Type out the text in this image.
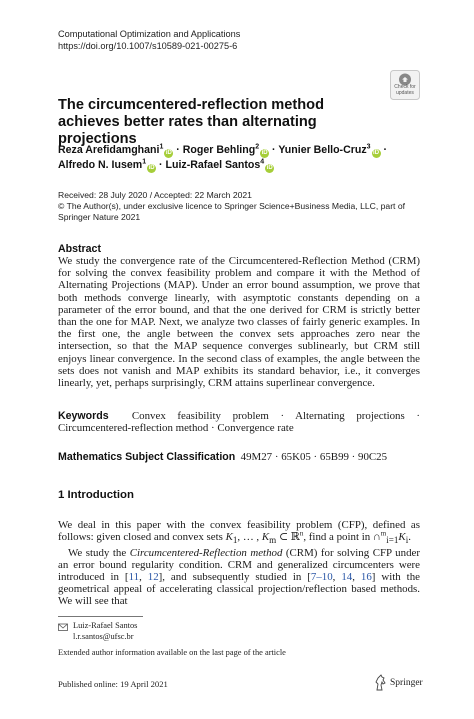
Computational Optimization and Applications
https://doi.org/10.1007/s10589-021-00275-6
Check for
updates
The circumcentered-reflection method achieves better rates than alternating projections
Reza Arefidamghani$^1$iD · Roger Behling$^2$iD · Yunier Bello-Cruz$^3$iD ·
Alfredo N. Iusem$^1$iD · Luiz-Rafael Santos$^4$iD
Received: 28 July 2020 / Accepted: 22 March 2021
© The Author(s), under exclusive licence to Springer Science+Business Media, LLC, part of Springer Nature 2021
Abstract
We study the convergence rate of the Circumcentered-Reflection Method (CRM) for solving the convex feasibility problem and compare it with the Method of Alternating Projections (MAP). Under an error bound assumption, we prove that both methods converge linearly, with asymptotic constants depending on a parameter of the error bound, and that the one derived for CRM is strictly better than the one for MAP. Next, we analyze two classes of fairly generic examples. In the first one, the angle between the convex sets approaches zero near the intersection, so that the MAP sequence converges sublinearly, but CRM still enjoys linear convergence. In the second class of examples, the angle between the sets does not vanish and MAP exhibits its standard behavior, i.e., it converges linearly, yet, perhaps surprisingly, CRM attains superlinear convergence.
Keywords Convex feasibility problem · Alternating projections · Circumcentered-reflection method · Convergence rate
Mathematics Subject Classification 49M27 · 65K05 · 65B99 · 90C25
1 Introduction
We deal in this paper with the convex feasibility problem (CFP), defined as follows: given closed and convex sets $K_1$, … , $K_m$ ⊂ ℝ$^n$, find a point in $\cap^m_{i=1}K_i$.
We study the Circumcentered-Reflection method (CRM) for solving CFP under an error bound regularity condition. CRM and generalized circumcenters were introduced in [11, 12], and subsequently studied in [7–10, 14, 16] with the geometrical appeal of accelerating classical projection/reflection based methods. We will see that
Luiz-Rafael Santos
l.r.santos@ufsc.br
Extended author information available on the last page of the article
Published online: 19 April 2021	Springer
